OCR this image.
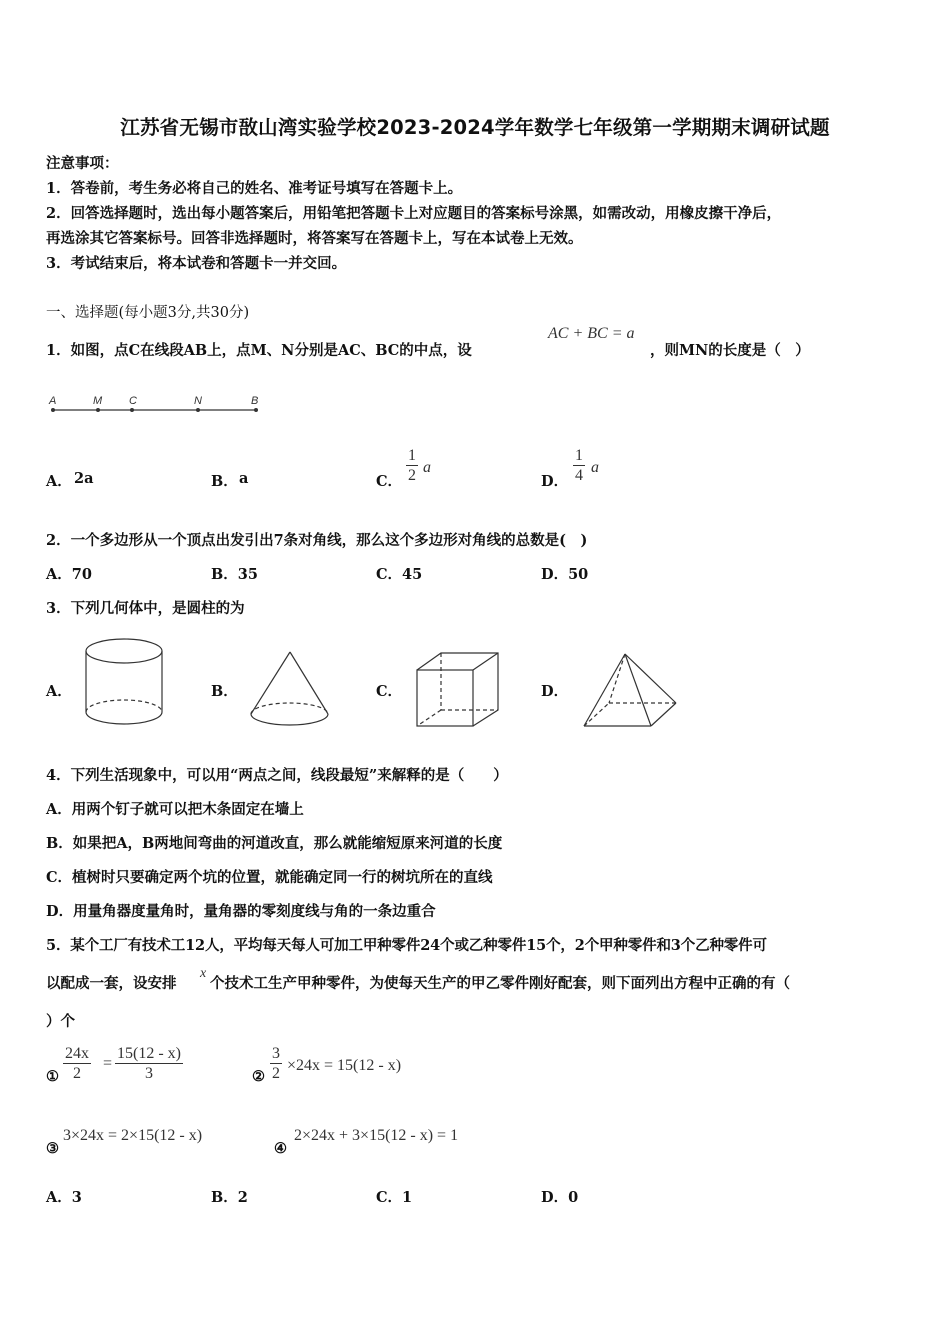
江苏省无锡市敔山湾实验学校2023-2024学年数学七年级第一学期期末调研试题
注意事项：
1．答卷前，考生务必将自己的姓名、准考证号填写在答题卡上。
2．回答选择题时，选出每小题答案后，用铅笔把答题卡上对应题目的答案标号涂黑，如需改动，用橡皮擦干净后，
再选涂其它答案标号。回答非选择题时，将答案写在答题卡上，写在本试卷上无效。
3．考试结束后，将本试卷和答题卡一并交回。
一、选择题(每小题3分,共30分)
1．如图，点C在线段AB上，点M、N分别是AC、BC的中点，设
AC + BC = a
，则MN的长度是（　）
A	M C	N	B
A． 2a	B． a	C． $\frac{1}{2}$ a
D． $\frac{1}{4}$ a
2．一个多边形从一个顶点出发引出7条对角线，那么这个多边形对角线的总数是(　)
A．70	B．35	C．45	D．50
3．下列几何体中，是圆柱的为
A．	B．	C．	D．
4．下列生活现象中，可以用“两点之间，线段最短”来解释的是（　　）
A．用两个钉子就可以把木条固定在墙上
B．如果把A，B两地间弯曲的河道改直，那么就能缩短原来河道的长度
C．植树时只要确定两个坑的位置，就能确定同一行的树坑所在的直线
D．用量角器度量角时，量角器的零刻度线与角的一条边重合
5．某个工厂有技术工12人，平均每天每人可加工甲种零件24个或乙种零件15个，2个甲种零件和3个乙种零件可
以配成一套，设安排
x
个技术工生产甲种零件，为使每天生产的甲乙零件刚好配套，则下面列出方程中正确的有（
）个
① $\frac{24x}{2} = \frac{15(12 - x)}{3}$	② $\frac{3}{2} \times 24x = 15(12 - x)$
③
3×24x = 2×15(12 - x)
④
2×24x + 3×15(12 - x) = 1
A．3	B．2	C．1	D．0
